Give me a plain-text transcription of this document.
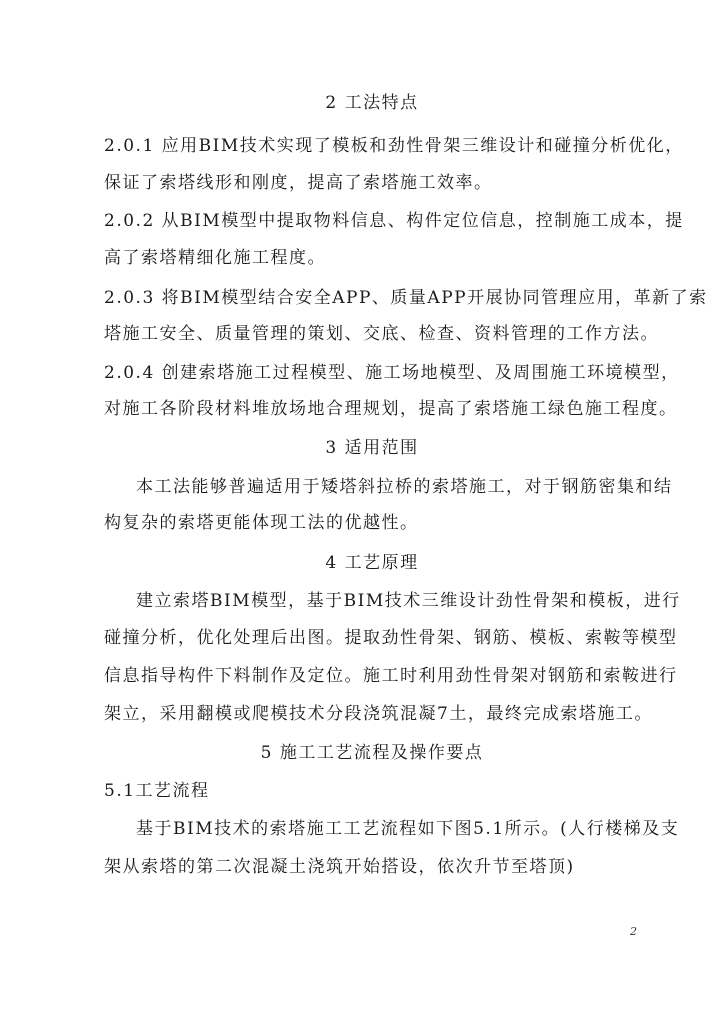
2 工法特点
2.0.1 应用BIM技术实现了模板和劲性骨架三维设计和碰撞分析优化，
保证了索塔线形和刚度，提高了索塔施工效率。
2.0.2 从BIM模型中提取物料信息、构件定位信息，控制施工成本，提
高了索塔精细化施工程度。
2.0.3 将BIM模型结合安全APP、质量APP开展协同管理应用，革新了索
塔施工安全、质量管理的策划、交底、检查、资料管理的工作方法。
2.0.4 创建索塔施工过程模型、施工场地模型、及周围施工环境模型，
对施工各阶段材料堆放场地合理规划，提高了索塔施工绿色施工程度。
3 适用范围
本工法能够普遍适用于矮塔斜拉桥的索塔施工，对于钢筋密集和结
构复杂的索塔更能体现工法的优越性。
4 工艺原理
建立索塔BIM模型，基于BIM技术三维设计劲性骨架和模板，进行
碰撞分析，优化处理后出图。提取劲性骨架、钢筋、模板、索鞍等模型
信息指导构件下料制作及定位。施工时利用劲性骨架对钢筋和索鞍进行
架立，采用翻模或爬模技术分段浇筑混凝7土，最终完成索塔施工。
5 施工工艺流程及操作要点
5.1工艺流程
基于BIM技术的索塔施工工艺流程如下图5.1所示。(人行楼梯及支
架从索塔的第二次混凝土浇筑开始搭设，依次升节至塔顶)
2
